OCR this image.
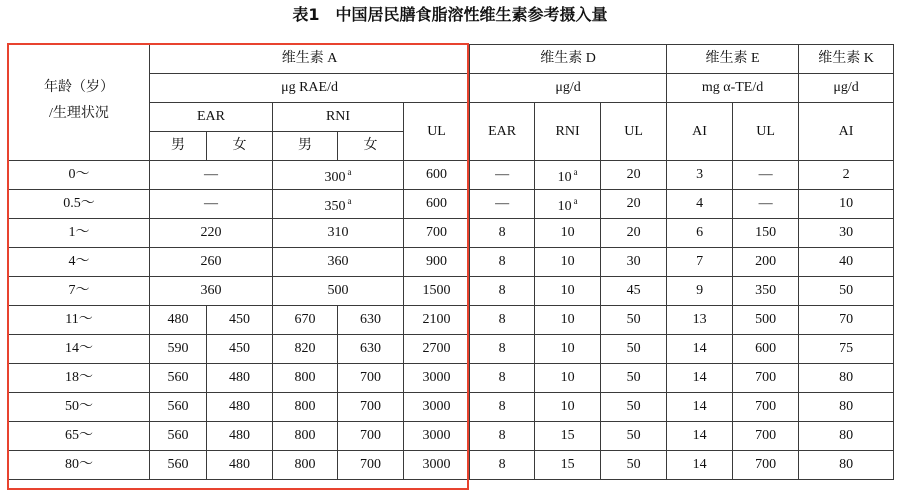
表1　中国居民膳食脂溶性维生素参考摄入量
年龄（岁）
/生理状况	维生素 A					维生素 D			维生素 E		维生素 K
	μg RAE/d					μg/d			mg α-TE/d		μg/d
	EAR		RNI		UL	EAR	RNI	UL	AI	UL	AI
	男	女	男	女							
0～	—		300 $^a$		600	—	10 $^a$	20	3	—	2
0.5～	—		350 $^a$		600	—	10 $^a$	20	4	—	10
1～	220		310		700	8	10	20	6	150	30
4～	260		360		900	8	10	30	7	200	40
7～	360		500		1500	8	10	45	9	350	50
11～	480	450	670	630	2100	8	10	50	13	500	70
14～	590	450	820	630	2700	8	10	50	14	600	75
18～	560	480	800	700	3000	8	10	50	14	700	80
50～	560	480	800	700	3000	8	10	50	14	700	80
65～	560	480	800	700	3000	8	15	50	14	700	80
80～	560	480	800	700	3000	8	15	50	14	700	80
